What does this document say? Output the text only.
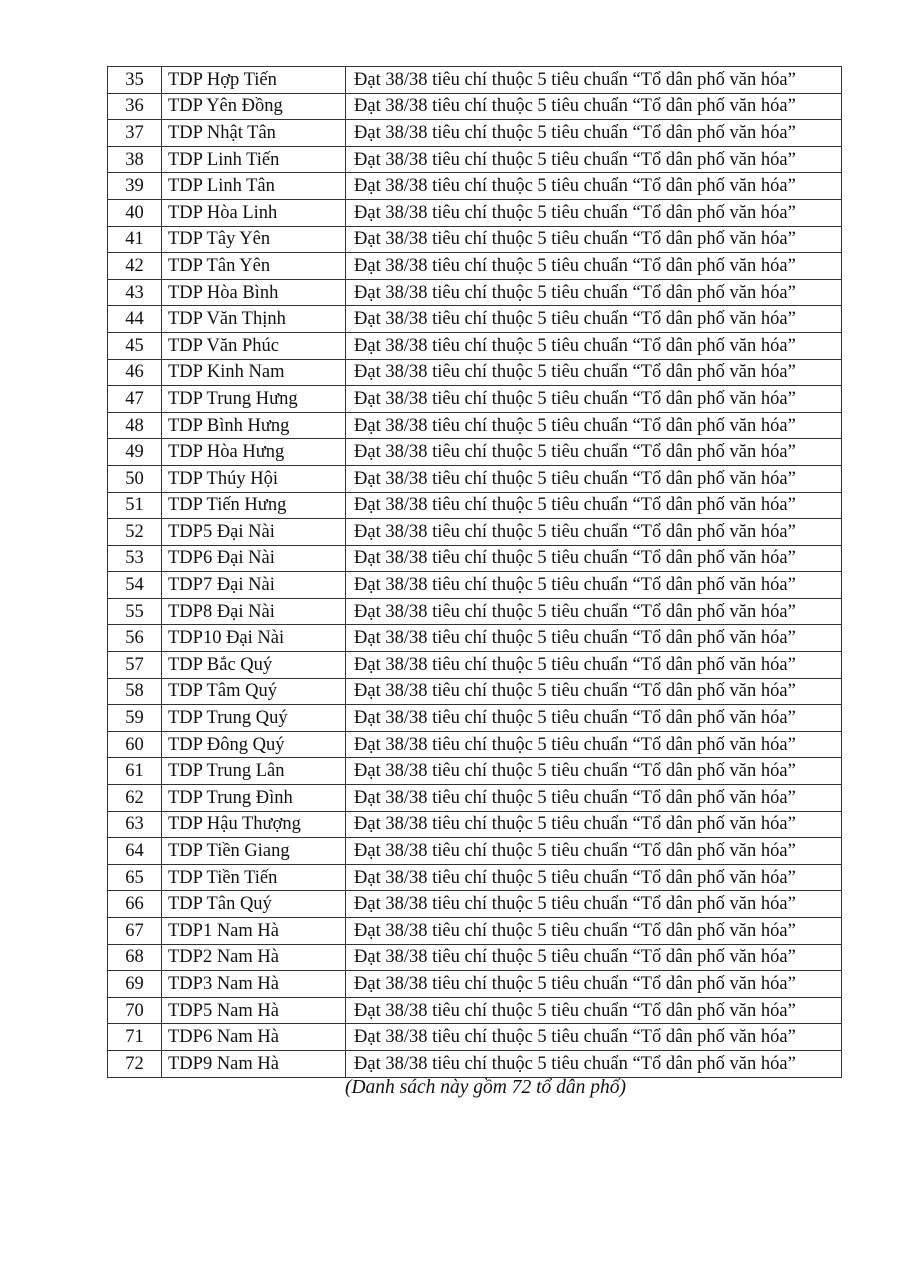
35	TDP Hợp Tiến	Đạt 38/38 tiêu chí thuộc 5 tiêu chuẩn “Tổ dân phố văn hóa”
36	TDP Yên Đồng	Đạt 38/38 tiêu chí thuộc 5 tiêu chuẩn “Tổ dân phố văn hóa”
37	TDP Nhật Tân	Đạt 38/38 tiêu chí thuộc 5 tiêu chuẩn “Tổ dân phố văn hóa”
38	TDP Linh Tiến	Đạt 38/38 tiêu chí thuộc 5 tiêu chuẩn “Tổ dân phố văn hóa”
39	TDP Linh Tân	Đạt 38/38 tiêu chí thuộc 5 tiêu chuẩn “Tổ dân phố văn hóa”
40	TDP Hòa Linh	Đạt 38/38 tiêu chí thuộc 5 tiêu chuẩn “Tổ dân phố văn hóa”
41	TDP Tây Yên	Đạt 38/38 tiêu chí thuộc 5 tiêu chuẩn “Tổ dân phố văn hóa”
42	TDP Tân Yên	Đạt 38/38 tiêu chí thuộc 5 tiêu chuẩn “Tổ dân phố văn hóa”
43	TDP Hòa Bình	Đạt 38/38 tiêu chí thuộc 5 tiêu chuẩn “Tổ dân phố văn hóa”
44	TDP Văn Thịnh	Đạt 38/38 tiêu chí thuộc 5 tiêu chuẩn “Tổ dân phố văn hóa”
45	TDP Văn Phúc	Đạt 38/38 tiêu chí thuộc 5 tiêu chuẩn “Tổ dân phố văn hóa”
46	TDP Kinh Nam	Đạt 38/38 tiêu chí thuộc 5 tiêu chuẩn “Tổ dân phố văn hóa”
47	TDP Trung Hưng	Đạt 38/38 tiêu chí thuộc 5 tiêu chuẩn “Tổ dân phố văn hóa”
48	TDP Bình Hưng	Đạt 38/38 tiêu chí thuộc 5 tiêu chuẩn “Tổ dân phố văn hóa”
49	TDP Hòa Hưng	Đạt 38/38 tiêu chí thuộc 5 tiêu chuẩn “Tổ dân phố văn hóa”
50	TDP Thúy Hội	Đạt 38/38 tiêu chí thuộc 5 tiêu chuẩn “Tổ dân phố văn hóa”
51	TDP Tiến Hưng	Đạt 38/38 tiêu chí thuộc 5 tiêu chuẩn “Tổ dân phố văn hóa”
52	TDP5 Đại Nài	Đạt 38/38 tiêu chí thuộc 5 tiêu chuẩn “Tổ dân phố văn hóa”
53	TDP6 Đại Nài	Đạt 38/38 tiêu chí thuộc 5 tiêu chuẩn “Tổ dân phố văn hóa”
54	TDP7 Đại Nài	Đạt 38/38 tiêu chí thuộc 5 tiêu chuẩn “Tổ dân phố văn hóa”
55	TDP8 Đại Nài	Đạt 38/38 tiêu chí thuộc 5 tiêu chuẩn “Tổ dân phố văn hóa”
56	TDP10 Đại Nài	Đạt 38/38 tiêu chí thuộc 5 tiêu chuẩn “Tổ dân phố văn hóa”
57	TDP Bắc Quý	Đạt 38/38 tiêu chí thuộc 5 tiêu chuẩn “Tổ dân phố văn hóa”
58	TDP Tâm Quý	Đạt 38/38 tiêu chí thuộc 5 tiêu chuẩn “Tổ dân phố văn hóa”
59	TDP Trung Quý	Đạt 38/38 tiêu chí thuộc 5 tiêu chuẩn “Tổ dân phố văn hóa”
60	TDP Đông Quý	Đạt 38/38 tiêu chí thuộc 5 tiêu chuẩn “Tổ dân phố văn hóa”
61	TDP Trung Lân	Đạt 38/38 tiêu chí thuộc 5 tiêu chuẩn “Tổ dân phố văn hóa”
62	TDP Trung Đình	Đạt 38/38 tiêu chí thuộc 5 tiêu chuẩn “Tổ dân phố văn hóa”
63	TDP Hậu Thượng	Đạt 38/38 tiêu chí thuộc 5 tiêu chuẩn “Tổ dân phố văn hóa”
64	TDP Tiền Giang	Đạt 38/38 tiêu chí thuộc 5 tiêu chuẩn “Tổ dân phố văn hóa”
65	TDP Tiền Tiến	Đạt 38/38 tiêu chí thuộc 5 tiêu chuẩn “Tổ dân phố văn hóa”
66	TDP Tân Quý	Đạt 38/38 tiêu chí thuộc 5 tiêu chuẩn “Tổ dân phố văn hóa”
67	TDP1 Nam Hà	Đạt 38/38 tiêu chí thuộc 5 tiêu chuẩn “Tổ dân phố văn hóa”
68	TDP2 Nam Hà	Đạt 38/38 tiêu chí thuộc 5 tiêu chuẩn “Tổ dân phố văn hóa”
69	TDP3 Nam Hà	Đạt 38/38 tiêu chí thuộc 5 tiêu chuẩn “Tổ dân phố văn hóa”
70	TDP5 Nam Hà	Đạt 38/38 tiêu chí thuộc 5 tiêu chuẩn “Tổ dân phố văn hóa”
71	TDP6 Nam Hà	Đạt 38/38 tiêu chí thuộc 5 tiêu chuẩn “Tổ dân phố văn hóa”
72	TDP9 Nam Hà	Đạt 38/38 tiêu chí thuộc 5 tiêu chuẩn “Tổ dân phố văn hóa”
(Danh sách này gồm 72 tổ dân phố)
